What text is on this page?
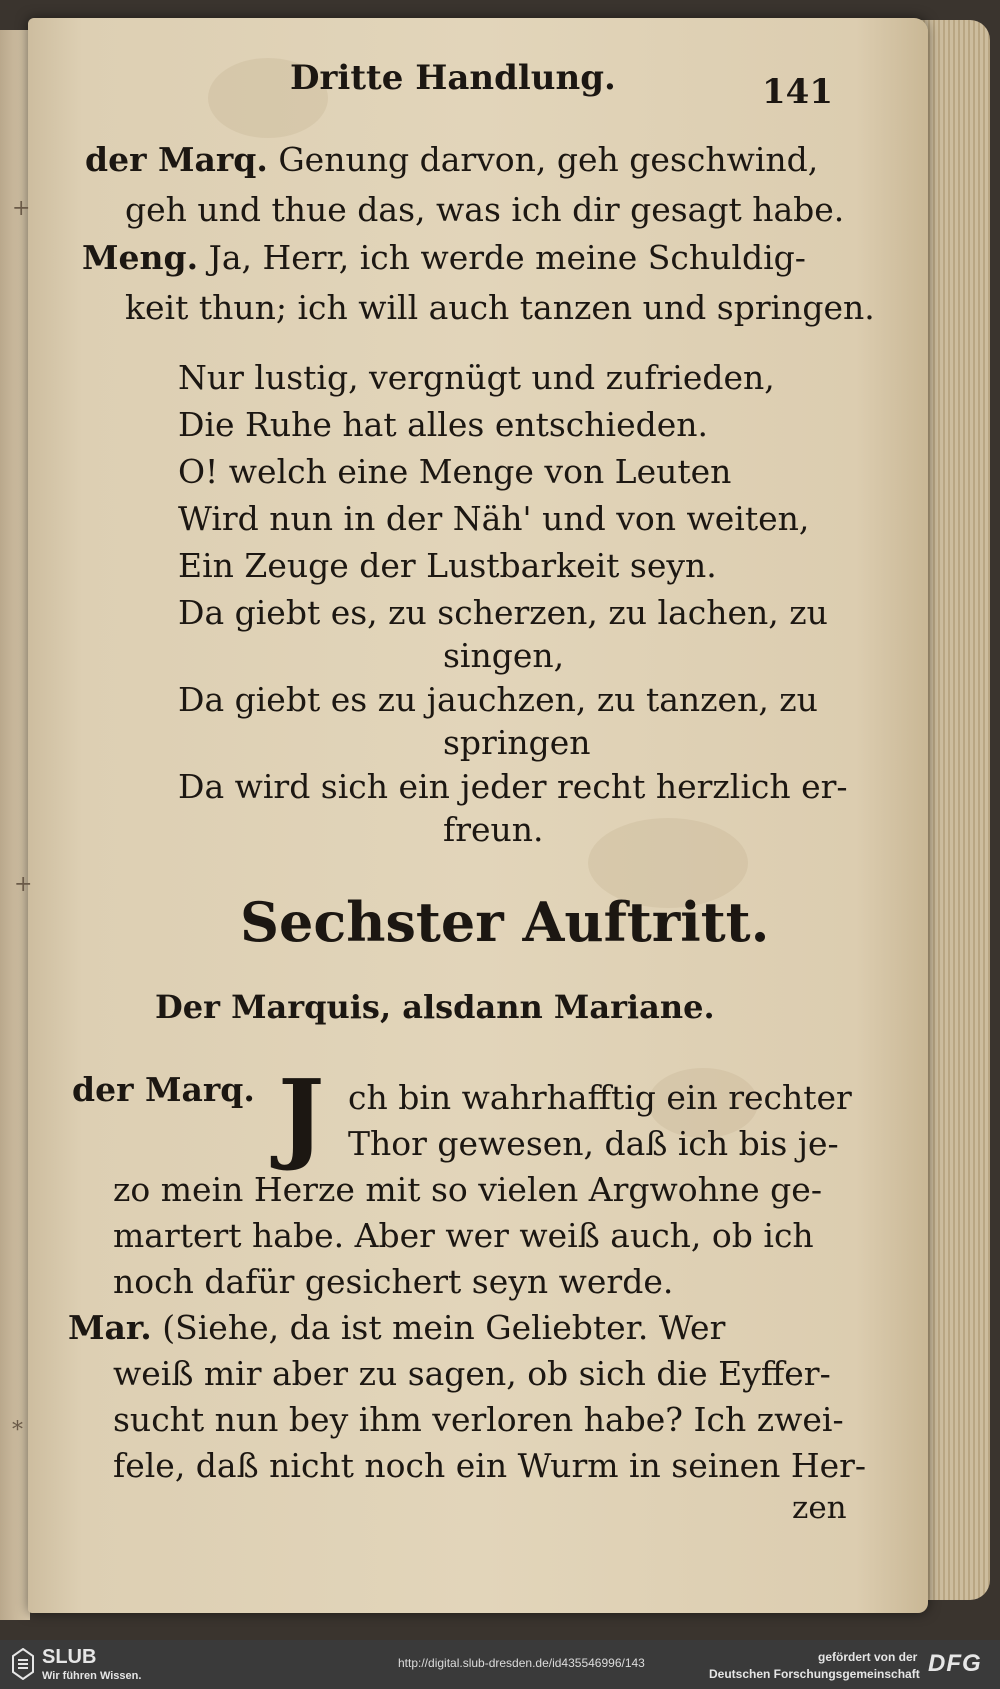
+
+
*
Dritte Handlung.	141
der Marq. Genung darvon, geh geschwind,
geh und thue das, was ich dir gesagt habe.
Meng. Ja, Herr, ich werde meine Schuldig-
keit thun; ich will auch tanzen und springen.
Nur lustig, vergnügt und zufrieden,
Die Ruhe hat alles entschieden.
O! welch eine Menge von Leuten
Wird nun in der Näh' und von weiten,
Ein Zeuge der Lustbarkeit seyn.
Da giebt es, zu scherzen, zu lachen, zu
singen,
Da giebt es zu jauchzen, zu tanzen, zu
springen
Da wird sich ein jeder recht herzlich er-
freun.
Sechster Auftritt.
Der Marquis, alsdann Mariane.
der Marq. J ch bin wahrhafftig ein rechter
Thor gewesen, daß ich bis je-
zo mein Herze mit so vielen Argwohne ge-
martert habe. Aber wer weiß auch, ob ich
noch dafür gesichert seyn werde.
Mar. (Siehe, da ist mein Geliebter. Wer
weiß mir aber zu sagen, ob sich die Eyffer-
sucht nun bey ihm verloren habe? Ich zwei-
fele, daß nicht noch ein Wurm in seinen Her-
zen
SLUB
Wir führen Wissen.
http://digital.slub-dresden.de/id435546996/143	gefördert von der
Deutschen Forschungsgemeinschaft DFG
